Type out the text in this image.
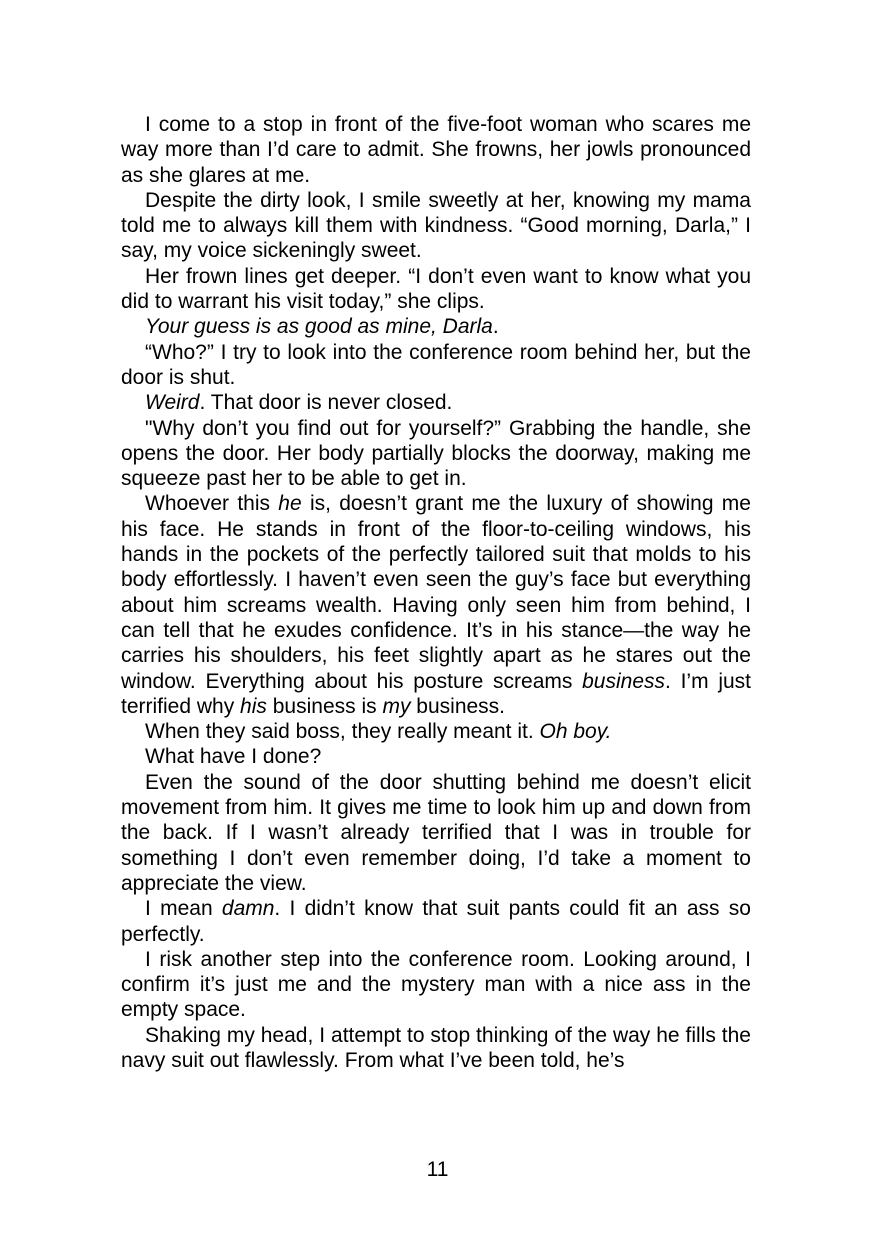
I come to a stop in front of the five-foot woman who scares me way more than I’d care to admit. She frowns, her jowls pronounced as she glares at me.

Despite the dirty look, I smile sweetly at her, knowing my mama told me to always kill them with kindness. “Good morning, Darla,” I say, my voice sickeningly sweet.

Her frown lines get deeper. “I don’t even want to know what you did to warrant his visit today,” she clips.

Your guess is as good as mine, Darla.

“Who?” I try to look into the conference room behind her, but the door is shut.

Weird. That door is never closed.

"Why don’t you find out for yourself?” Grabbing the handle, she opens the door. Her body partially blocks the doorway, making me squeeze past her to be able to get in.

Whoever this he is, doesn’t grant me the luxury of showing me his face. He stands in front of the floor-to-ceiling windows, his hands in the pockets of the perfectly tailored suit that molds to his body effortlessly. I haven’t even seen the guy’s face but everything about him screams wealth. Having only seen him from behind, I can tell that he exudes confidence. It’s in his stance—the way he carries his shoulders, his feet slightly apart as he stares out the window. Everything about his posture screams business. I’m just terrified why his business is my business.

When they said boss, they really meant it. Oh boy.

What have I done?

Even the sound of the door shutting behind me doesn’t elicit movement from him. It gives me time to look him up and down from the back. If I wasn’t already terrified that I was in trouble for something I don’t even remember doing, I’d take a moment to appreciate the view.

I mean damn. I didn’t know that suit pants could fit an ass so perfectly.

I risk another step into the conference room. Looking around, I confirm it’s just me and the mystery man with a nice ass in the empty space.

Shaking my head, I attempt to stop thinking of the way he fills the navy suit out flawlessly. From what I’ve been told, he’s

11
